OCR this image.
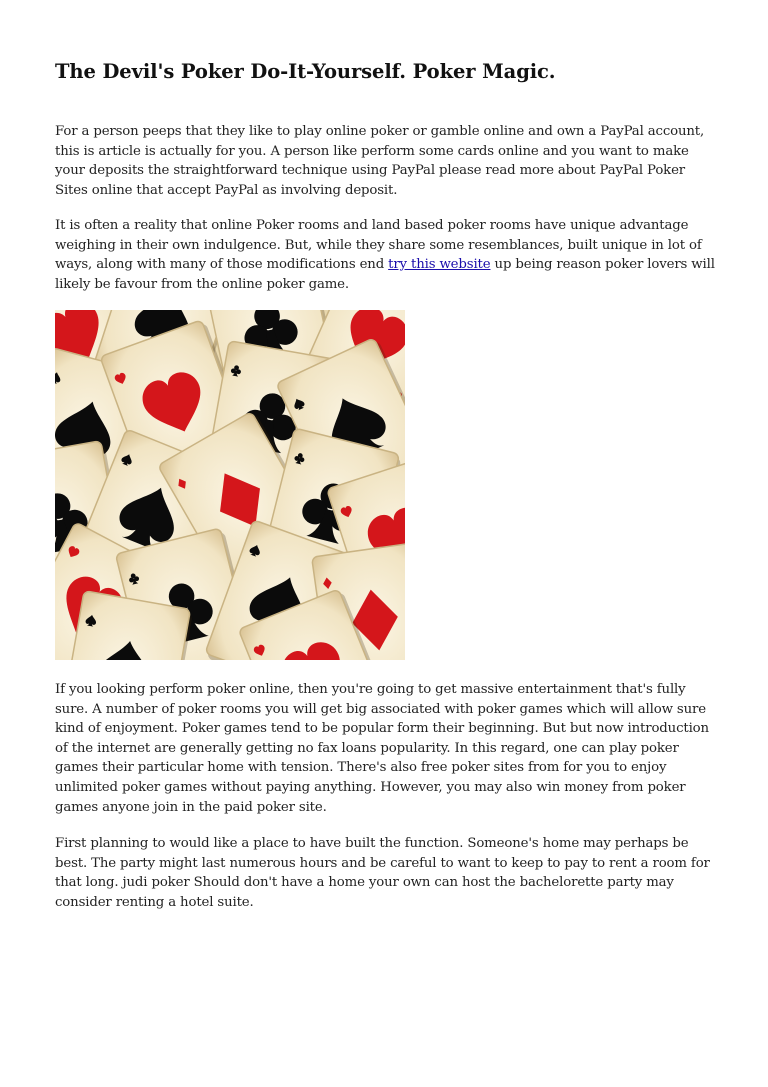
The Devil's Poker Do-It-Yourself. Poker Magic.

For a person peeps that they like to play online poker or gamble online and own a PayPal account, this is article is actually for you. A person like perform some cards online and you want to make your deposits the straightforward technique using PayPal please read more about PayPal Poker Sites online that accept PayPal as involving deposit.

It is often a reality that online Poker rooms and land based poker rooms have unique advantage weighing in their own indulgence. But, while they share some resemblances, built unique in lot of ways, along with many of those modifications end try this website up being reason poker lovers will likely be favour from the online poker game.

If you looking perform poker online, then you're going to get massive entertainment that's fully sure. A number of poker rooms you will get big associated with poker games which will allow sure kind of enjoyment. Poker games tend to be popular form their beginning. But but now introduction of the internet are generally getting no fax loans popularity. In this regard, one can play poker games their particular home with tension. There's also free poker sites from for you to enjoy unlimited poker games without paying anything. However, you may also win money from poker games anyone join in the paid poker site.

First planning to would like a place to have built the function. Someone's home may perhaps be best. The party might last numerous hours and be careful to want to keep to pay to rent a room for that long. judi poker Should don't have a home your own can host the bachelorette party may consider renting a hotel suite.
